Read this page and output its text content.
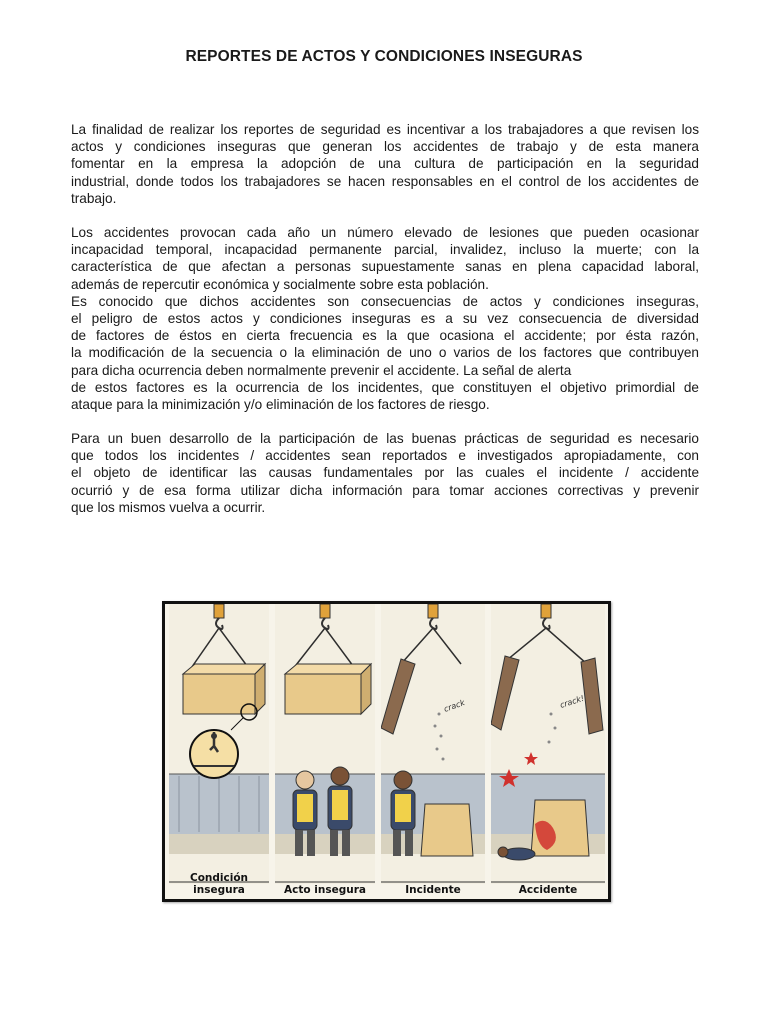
REPORTES DE ACTOS Y CONDICIONES INSEGURAS

La finalidad de realizar los reportes de seguridad es incentivar a los trabajadores a que revisen los
actos y condiciones inseguras que generan los accidentes de trabajo y de esta manera
fomentar en la empresa la adopción de una cultura de participación en la seguridad
industrial, donde todos los trabajadores se hacen responsables en el control de los accidentes de
trabajo.

Los accidentes provocan cada año un número elevado de lesiones que pueden ocasionar
incapacidad temporal, incapacidad permanente parcial, invalidez, incluso la muerte; con la
característica de que afectan a personas supuestamente sanas en plena capacidad laboral,
además de repercutir económica y socialmente sobre esta población.
Es conocido que dichos accidentes son consecuencias de actos y condiciones inseguras,
el peligro de estos actos y condiciones inseguras es a su vez consecuencia de diversidad
de factores de éstos en cierta frecuencia es la que ocasiona el accidente; por ésta razón,
la modificación de la secuencia o la eliminación de uno o varios de los factores que contribuyen
para dicha ocurrencia deben normalmente prevenir el accidente. La señal de alerta
de estos factores es la ocurrencia de los incidentes, que constituyen el objetivo primordial de
ataque para la minimización y/o eliminación de los factores de riesgo.

Para un buen desarrollo de la participación de las buenas prácticas de seguridad es necesario
que todos los incidentes / accidentes sean reportados e investigados apropiadamente, con
el objeto de identificar las causas fundamentales por las cuales el incidente / accidente
ocurrió y de esa forma utilizar dicha información para tomar acciones correctivas y prevenir
que los mismos vuelva a ocurrir.

Condición insegura	Acto insegura
crack
Incidente
crack!
Accidente
